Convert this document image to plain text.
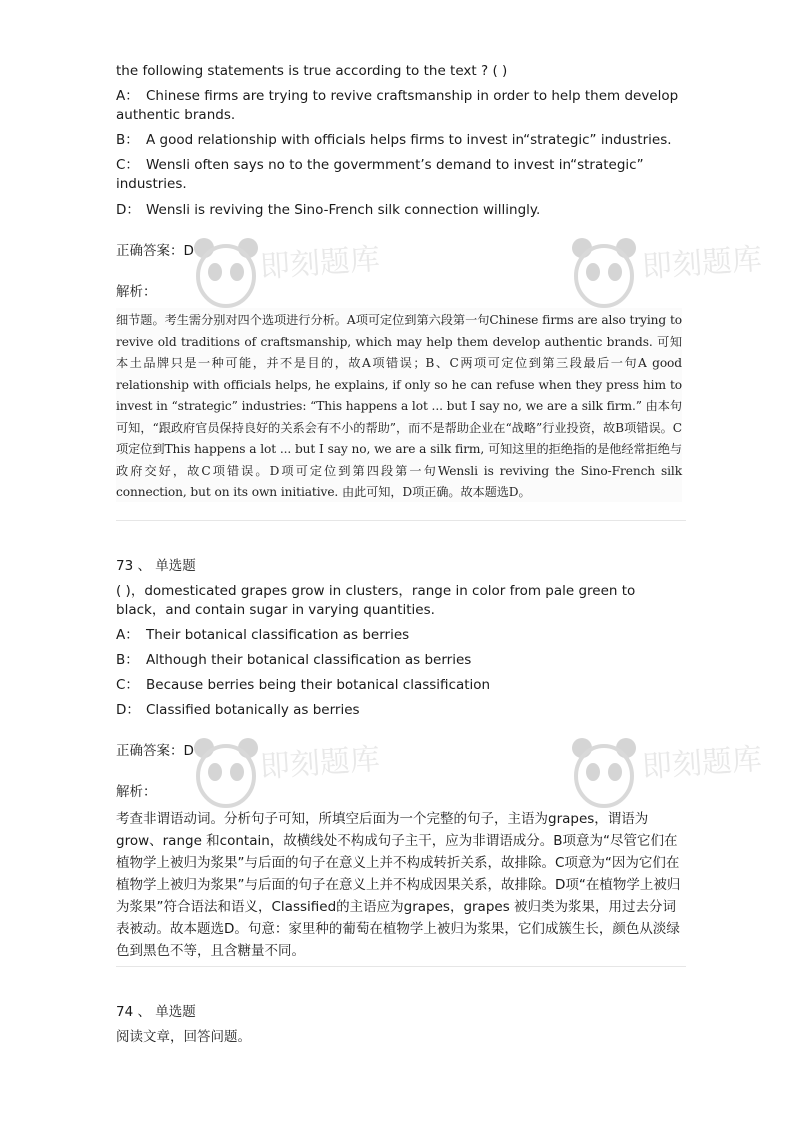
the following statements is true according to the text ? ( )
A： Chinese firms are trying to revive craftsmanship in order to help them develop authentic brands.
B： A good relationship with officials helps firms to invest in“strategic” industries.
C： Wensli often says no to the govermment’s demand to invest in“strategic” industries.
D： Wensli is reviving the Sino-French silk connection willingly.
正确答案：D
解析：
细节题。考生需分别对四个选项进行分析。A项可定位到第六段第一句Chinese firms are also trying to revive old traditions of craftsmanship, which may help them develop authentic brands. 可知本土品牌只是一种可能，并不是目的，故A项错误；B、C两项可定位到第三段最后一句A good relationship with officials helps, he explains, if only so he can refuse when they press him to invest in “strategic” industries: “This happens a lot ... but I say no, we are a silk firm.” 由本句可知，“跟政府官员保持良好的关系会有不小的帮助”，而不是帮助企业在“战略”行业投资，故B项错误。C项定位到This happens a lot ... but I say no, we are a silk firm, 可知这里的拒绝指的是他经常拒绝与政府交好，故C项错误。D项可定位到第四段第一句Wensli is reviving the Sino-French silk connection, but on its own initiative. 由此可知，D项正确。故本题选D。
73 、 单选题
( )，domesticated grapes grow in clusters，range in color from pale green to black，and contain sugar in varying quantities.
A： Their botanical classification as berries
B： Although their botanical classification as berries
C： Because berries being their botanical classification
D： Classified botanically as berries
正确答案：D
解析：
考查非谓语动词。分析句子可知，所填空后面为一个完整的句子，主语为grapes，谓语为grow、range 和contain，故横线处不构成句子主干，应为非谓语成分。B项意为“尽管它们在植物学上被归为浆果”与后面的句子在意义上并不构成转折关系，故排除。C项意为“因为它们在植物学上被归为浆果”与后面的句子在意义上并不构成因果关系，故排除。D项“在植物学上被归为浆果”符合语法和语义，Classified的主语应为grapes，grapes 被归类为浆果，用过去分词表被动。故本题选D。句意：家里种的葡萄在植物学上被归为浆果，它们成簇生长，颜色从淡绿色到黑色不等，且含糖量不同。
74 、 单选题
阅读文章，回答问题。
即刻题库	即刻题库
即刻题库	即刻题库
